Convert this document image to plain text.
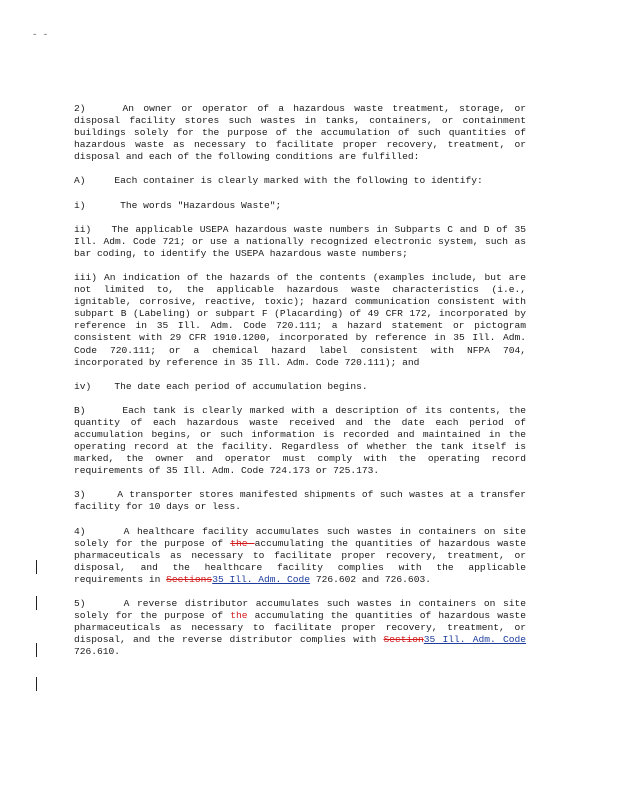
- -

2)	An owner or operator of a hazardous waste treatment, storage, or disposal facility stores such wastes in tanks, containers, or containment buildings solely for the purpose of the accumulation of such quantities of hazardous waste as necessary to facilitate proper recovery, treatment, or disposal and each of the following conditions are fulfilled:

A)	Each container is clearly marked with the following to identify:

i)	The words "Hazardous Waste";

ii) The applicable USEPA hazardous waste numbers in Subparts C and D of 35 Ill. Adm. Code 721; or use a nationally recognized electronic system, such as bar coding, to identify the USEPA hazardous waste numbers;

iii) An indication of the hazards of the contents (examples include, but are not limited to, the applicable hazardous waste characteristics (i.e., ignitable, corrosive, reactive, toxic); hazard communication consistent with subpart B (Labeling) or subpart F (Placarding) of 49 CFR 172, incorporated by reference in 35 Ill. Adm. Code 720.111; a hazard statement or pictogram consistent with 29 CFR 1910.1200, incorporated by reference in 35 Ill. Adm. Code 720.111; or a chemical hazard label consistent with NFPA 704, incorporated by reference in 35 Ill. Adm. Code 720.111); and

iv) The date each period of accumulation begins.

B)	Each tank is clearly marked with a description of its contents, the quantity of each hazardous waste received and the date each period of accumulation begins, or such information is recorded and maintained in the operating record at the facility. Regardless of whether the tank itself is marked, the owner and operator must comply with the operating record requirements of 35 Ill. Adm. Code 724.173 or 725.173.

3)	A transporter stores manifested shipments of such wastes at a transfer facility for 10 days or less.

4)	A healthcare facility accumulates such wastes in containers on site solely for the purpose of the accumulating the quantities of hazardous waste pharmaceuticals as necessary to facilitate proper recovery, treatment, or disposal, and the healthcare facility complies with the applicable requirements in Sections35 Ill. Adm. Code 726.602 and 726.603.

5)	A reverse distributor accumulates such wastes in containers on site solely for the purpose of the accumulating the quantities of hazardous waste pharmaceuticals as necessary to facilitate proper recovery, treatment, or disposal, and the reverse distributor complies with Section35 Ill. Adm. Code 726.610.
